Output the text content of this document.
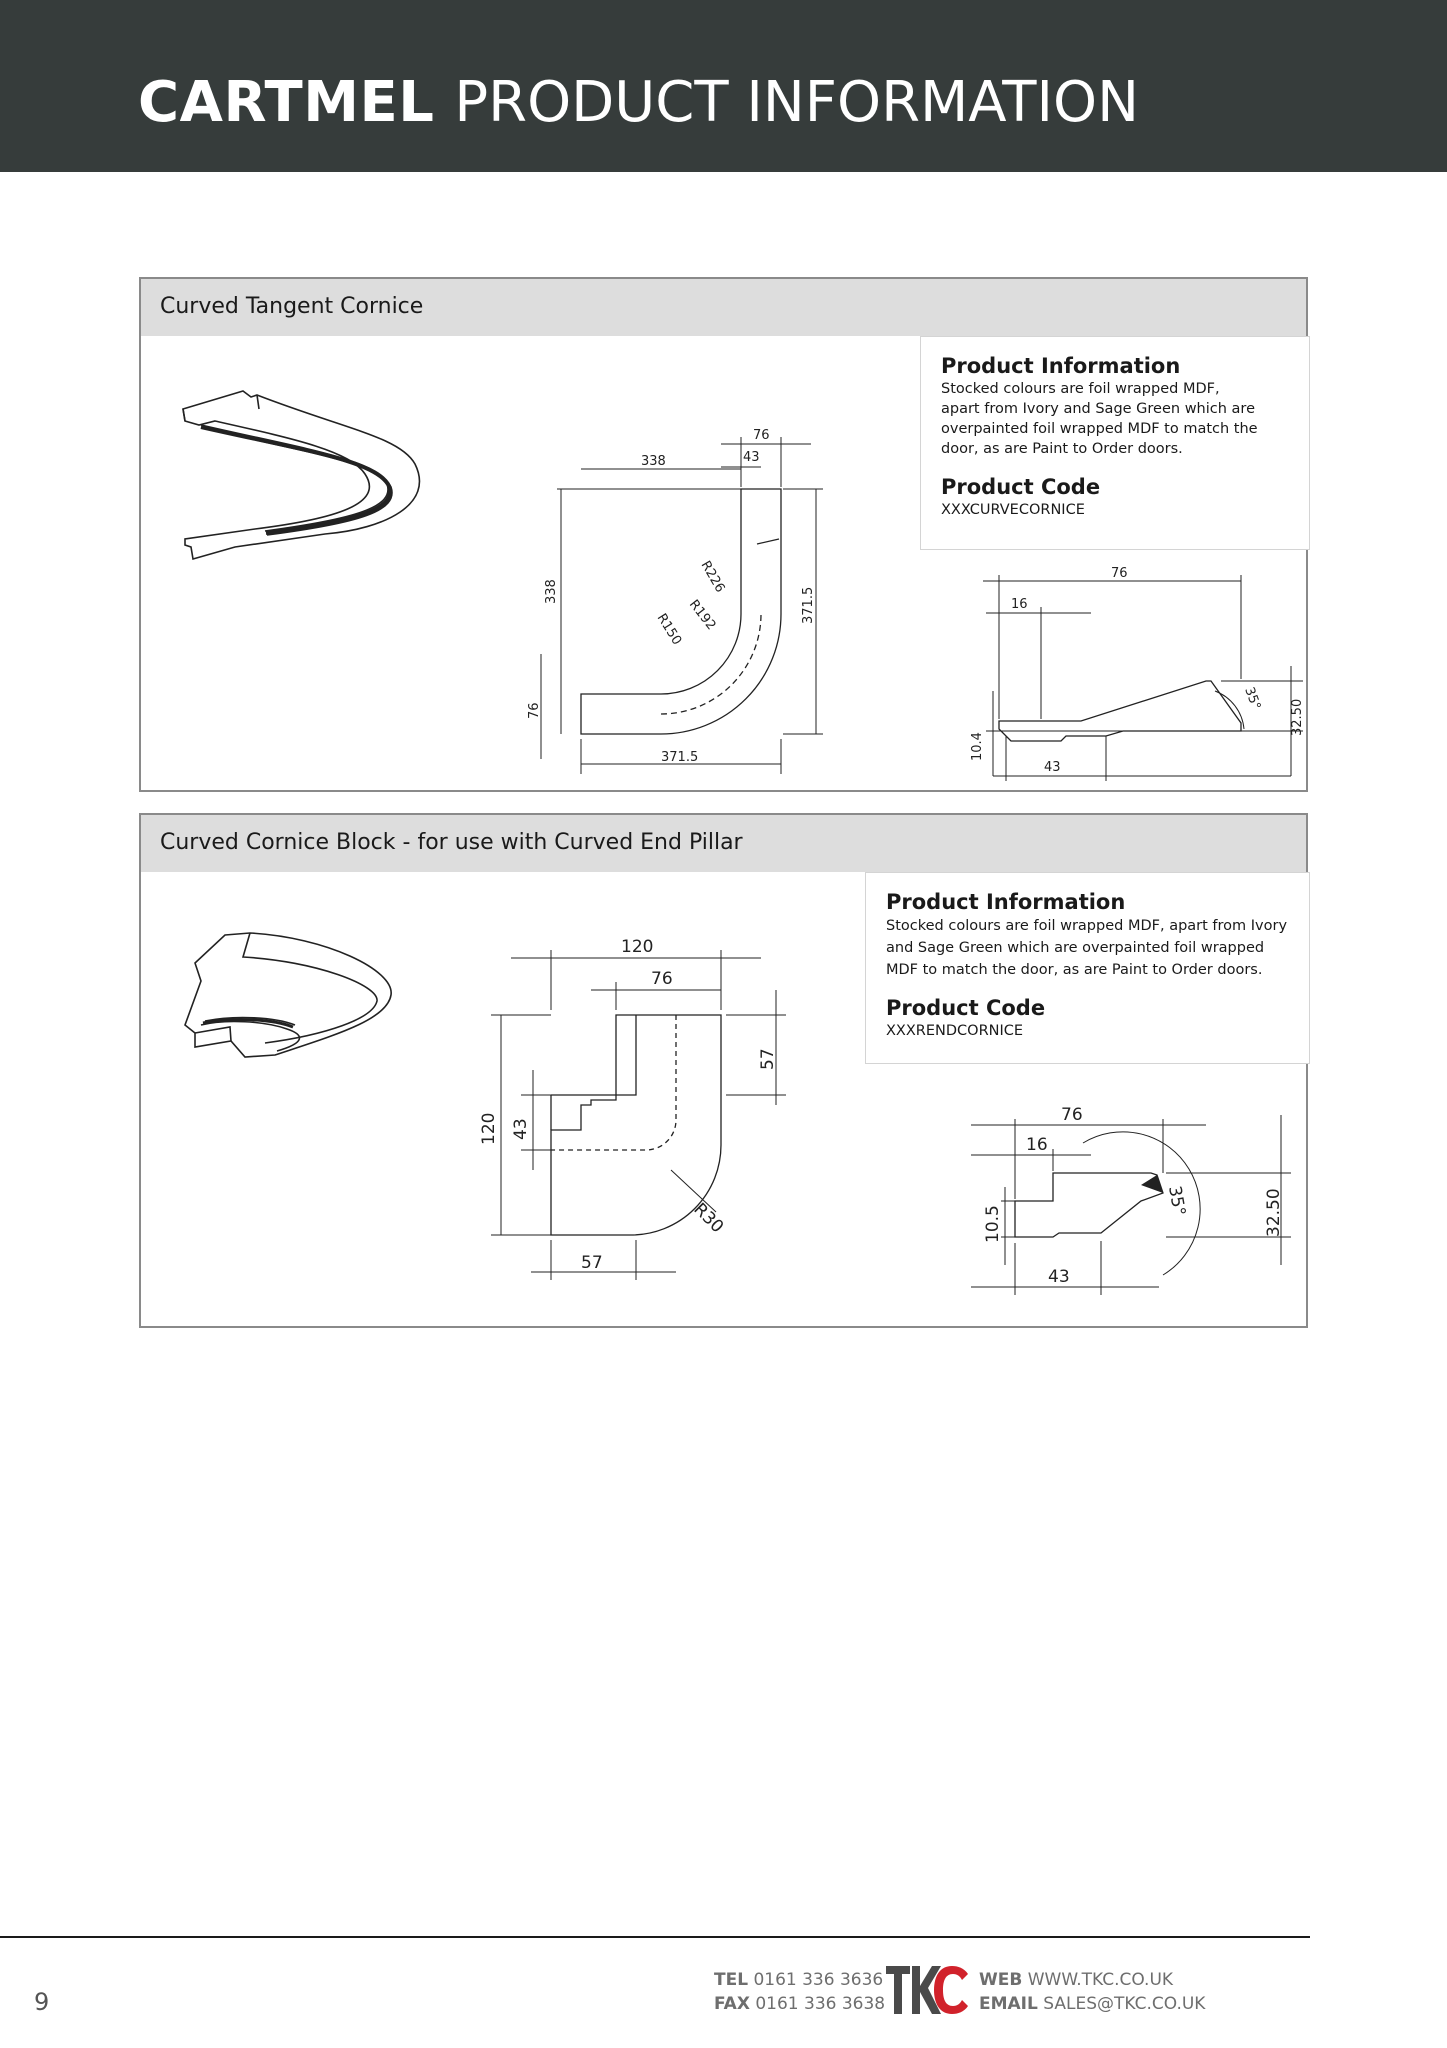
CARTMEL PRODUCT INFORMATION
Curved Tangent Cornice
76
43
338
338	371.5
76
371.5
R226
R192
R150

Product Information

Stocked colours are foil wrapped MDF,

apart from Ivory and Sage Green which are

overpainted foil wrapped MDF to match the

door, as are Paint to Order doors.

Product Code

XXXCURVECORNICE

76
16
10.4
32.50
43
35°
Curved Cornice Block - for use with Curved End Pillar
120
76
57
120 43
57
R30

Product Information

Stocked colours are foil wrapped MDF, apart from Ivory

and Sage Green which are overpainted foil wrapped

MDF to match the door, as are Paint to Order doors.

Product Code

XXXRENDCORNICE

76
16
10.5	32.50
43
35°
9
TEL 0161 336 3636
FAX 0161 336 3638
WEB WWW.TKC.CO.UK
EMAIL SALES@TKC.CO.UK
